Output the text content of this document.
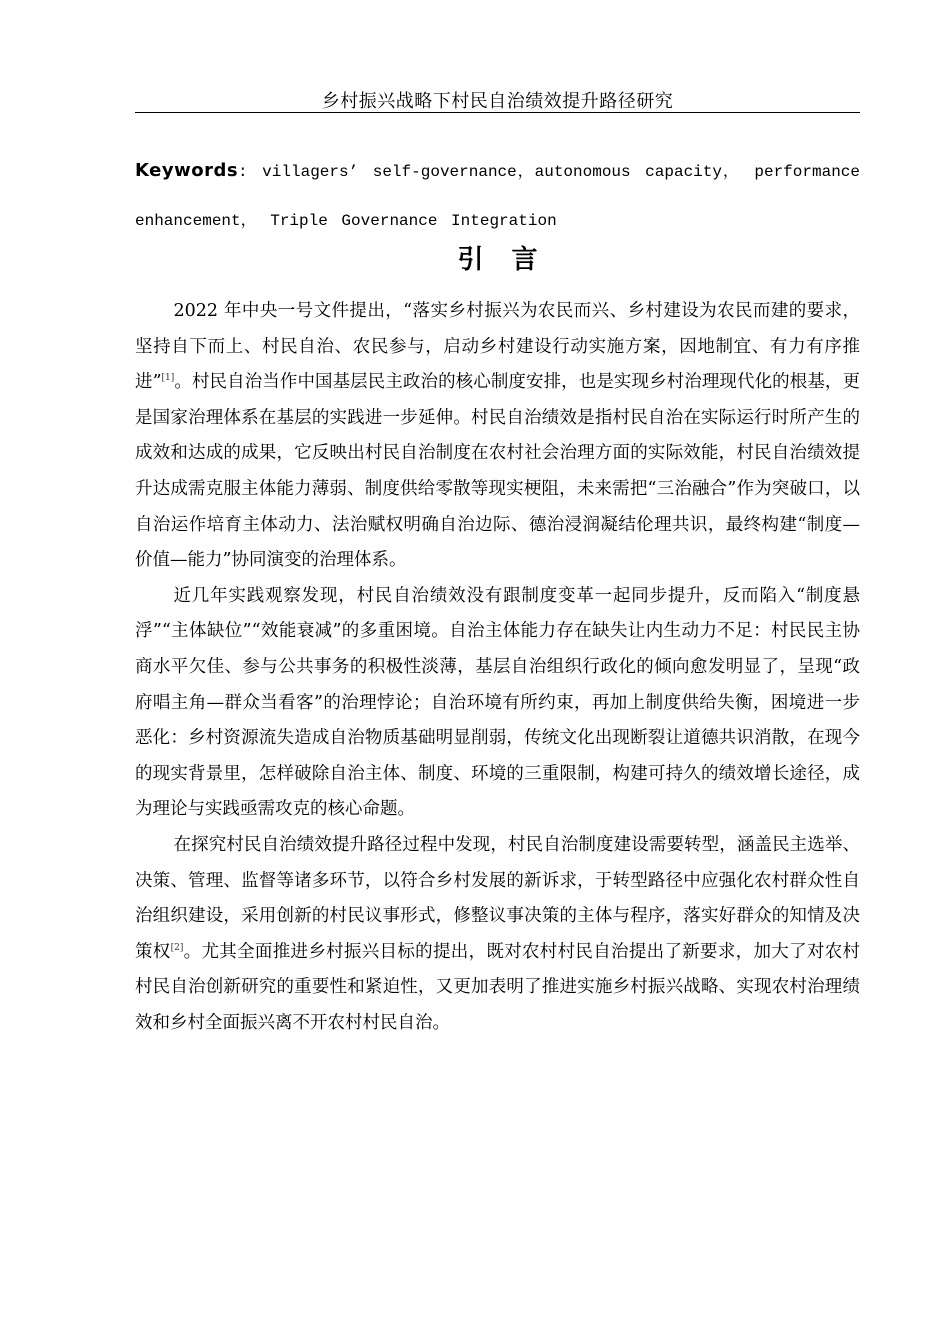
乡村振兴战略下村民自治绩效提升路径研究
Keywords: villagers’ self-governance，autonomous capacity， performance enhancement， Triple Governance Integration
引言

2022 年中央一号文件提出，“落实乡村振兴为农民而兴、乡村建设为农民而建的要求，坚持自下而上、村民自治、农民参与，启动乡村建设行动实施方案，因地制宜、有力有序推进”[1]。村民自治当作中国基层民主政治的核心制度安排，也是实现乡村治理现代化的根基，更是国家治理体系在基层的实践进一步延伸。村民自治绩效是指村民自治在实际运行时所产生的成效和达成的成果，它反映出村民自治制度在农村社会治理方面的实际效能，村民自治绩效提升达成需克服主体能力薄弱、制度供给零散等现实梗阻，未来需把“三治融合”作为突破口，以自治运作培育主体动力、法治赋权明确自治边际、德治浸润凝结伦理共识，最终构建“制度—价值—能力”协同演变的治理体系。

近几年实践观察发现，村民自治绩效没有跟制度变革一起同步提升，反而陷入“制度悬浮”“主体缺位”“效能衰减”的多重困境。自治主体能力存在缺失让内生动力不足：村民民主协商水平欠佳、参与公共事务的积极性淡薄，基层自治组织行政化的倾向愈发明显了，呈现“政府唱主角—群众当看客”的治理悖论；自治环境有所约束，再加上制度供给失衡，困境进一步恶化：乡村资源流失造成自治物质基础明显削弱，传统文化出现断裂让道德共识消散，在现今的现实背景里，怎样破除自治主体、制度、环境的三重限制，构建可持久的绩效增长途径，成为理论与实践亟需攻克的核心命题。

在探究村民自治绩效提升路径过程中发现，村民自治制度建设需要转型，涵盖民主选举、决策、管理、监督等诸多环节，以符合乡村发展的新诉求，于转型路径中应强化农村群众性自治组织建设，采用创新的村民议事形式，修整议事决策的主体与程序，落实好群众的知情及决策权[2]。尤其全面推进乡村振兴目标的提出，既对农村村民自治提出了新要求，加大了对农村村民自治创新研究的重要性和紧迫性，又更加表明了推进实施乡村振兴战略、实现农村治理绩效和乡村全面振兴离不开农村村民自治。
